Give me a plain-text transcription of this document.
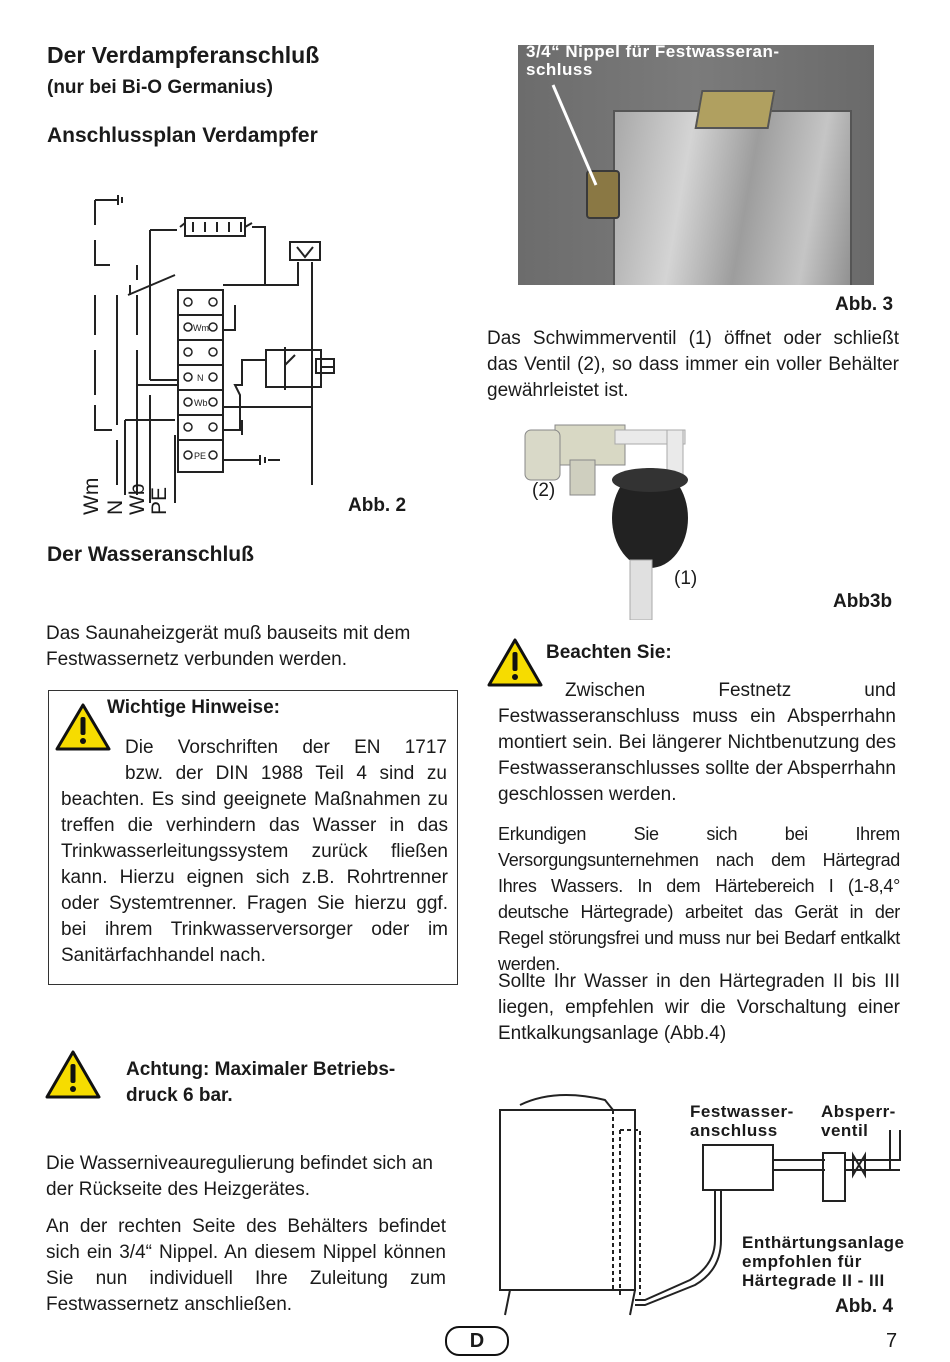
Der Verdampferanschluß
(nur bei Bi-O Germanius)
Anschlussplan Verdampfer
Wm
N
Wb
PE
Wm N Wb PE	Abb. 2
Der Wasseranschluß
Das Saunaheizgerät muß bauseits mit dem Festwassernetz verbunden werden.
Wichtige Hinweise:
Die Vorschriften der EN 1717
bzw. der DIN 1988 Teil 4 sind zu
beachten. Es sind geeignete Maßnahmen zu treffen die verhindern das Wasser in das Trinkwasserleitungssystem zurück fließen kann. Hierzu eignen sich z.B. Rohrtrenner oder Systemtrenner. Fragen Sie hierzu ggf. bei ihrem Trinkwasserversorger oder im Sanitärfachhandel nach.
Achtung: Maximaler Betriebs- druck 6 bar.
Die Wasserniveauregulierung befindet sich an der Rückseite des Heizgerätes.
An der rechten Seite des Behälters befindet sich ein 3/4“ Nippel. An diesem Nippel können Sie nun individuell Ihre Zuleitung zum Festwassernetz anschließen.
3/4“ Nippel für Festwasseran- schluss
Abb. 3
Das Schwimmerventil (1) öffnet oder schließt das Ventil (2), so dass immer ein voller Behälter gewährleistet ist.
(2)
(1)
Abb3b
Beachten Sie:
Zwischen Festnetz und Festwasseranschluss muss ein Absperrhahn montiert sein. Bei längerer Nichtbenutzung des Festwasseranschlusses sollte der Absperrhahn geschlossen werden.
Erkundigen Sie sich bei Ihrem Versorgungsunternehmen nach dem Härtegrad Ihres Wassers. In dem Härtebereich I (1-8,4° deutsche Härtegrade) arbeitet das Gerät in der Regel störungsfrei und muss nur bei Bedarf entkalkt werden.
Sollte Ihr Wasser in den Härtegraden II bis III liegen, empfehlen wir die Vorschaltung einer Entkalkungsanlage (Abb.4)
Festwasser- anschluss
Absperr- ventil
Enthärtungsanlage empfohlen für Härtegrade II - III
Abb. 4
D	7
